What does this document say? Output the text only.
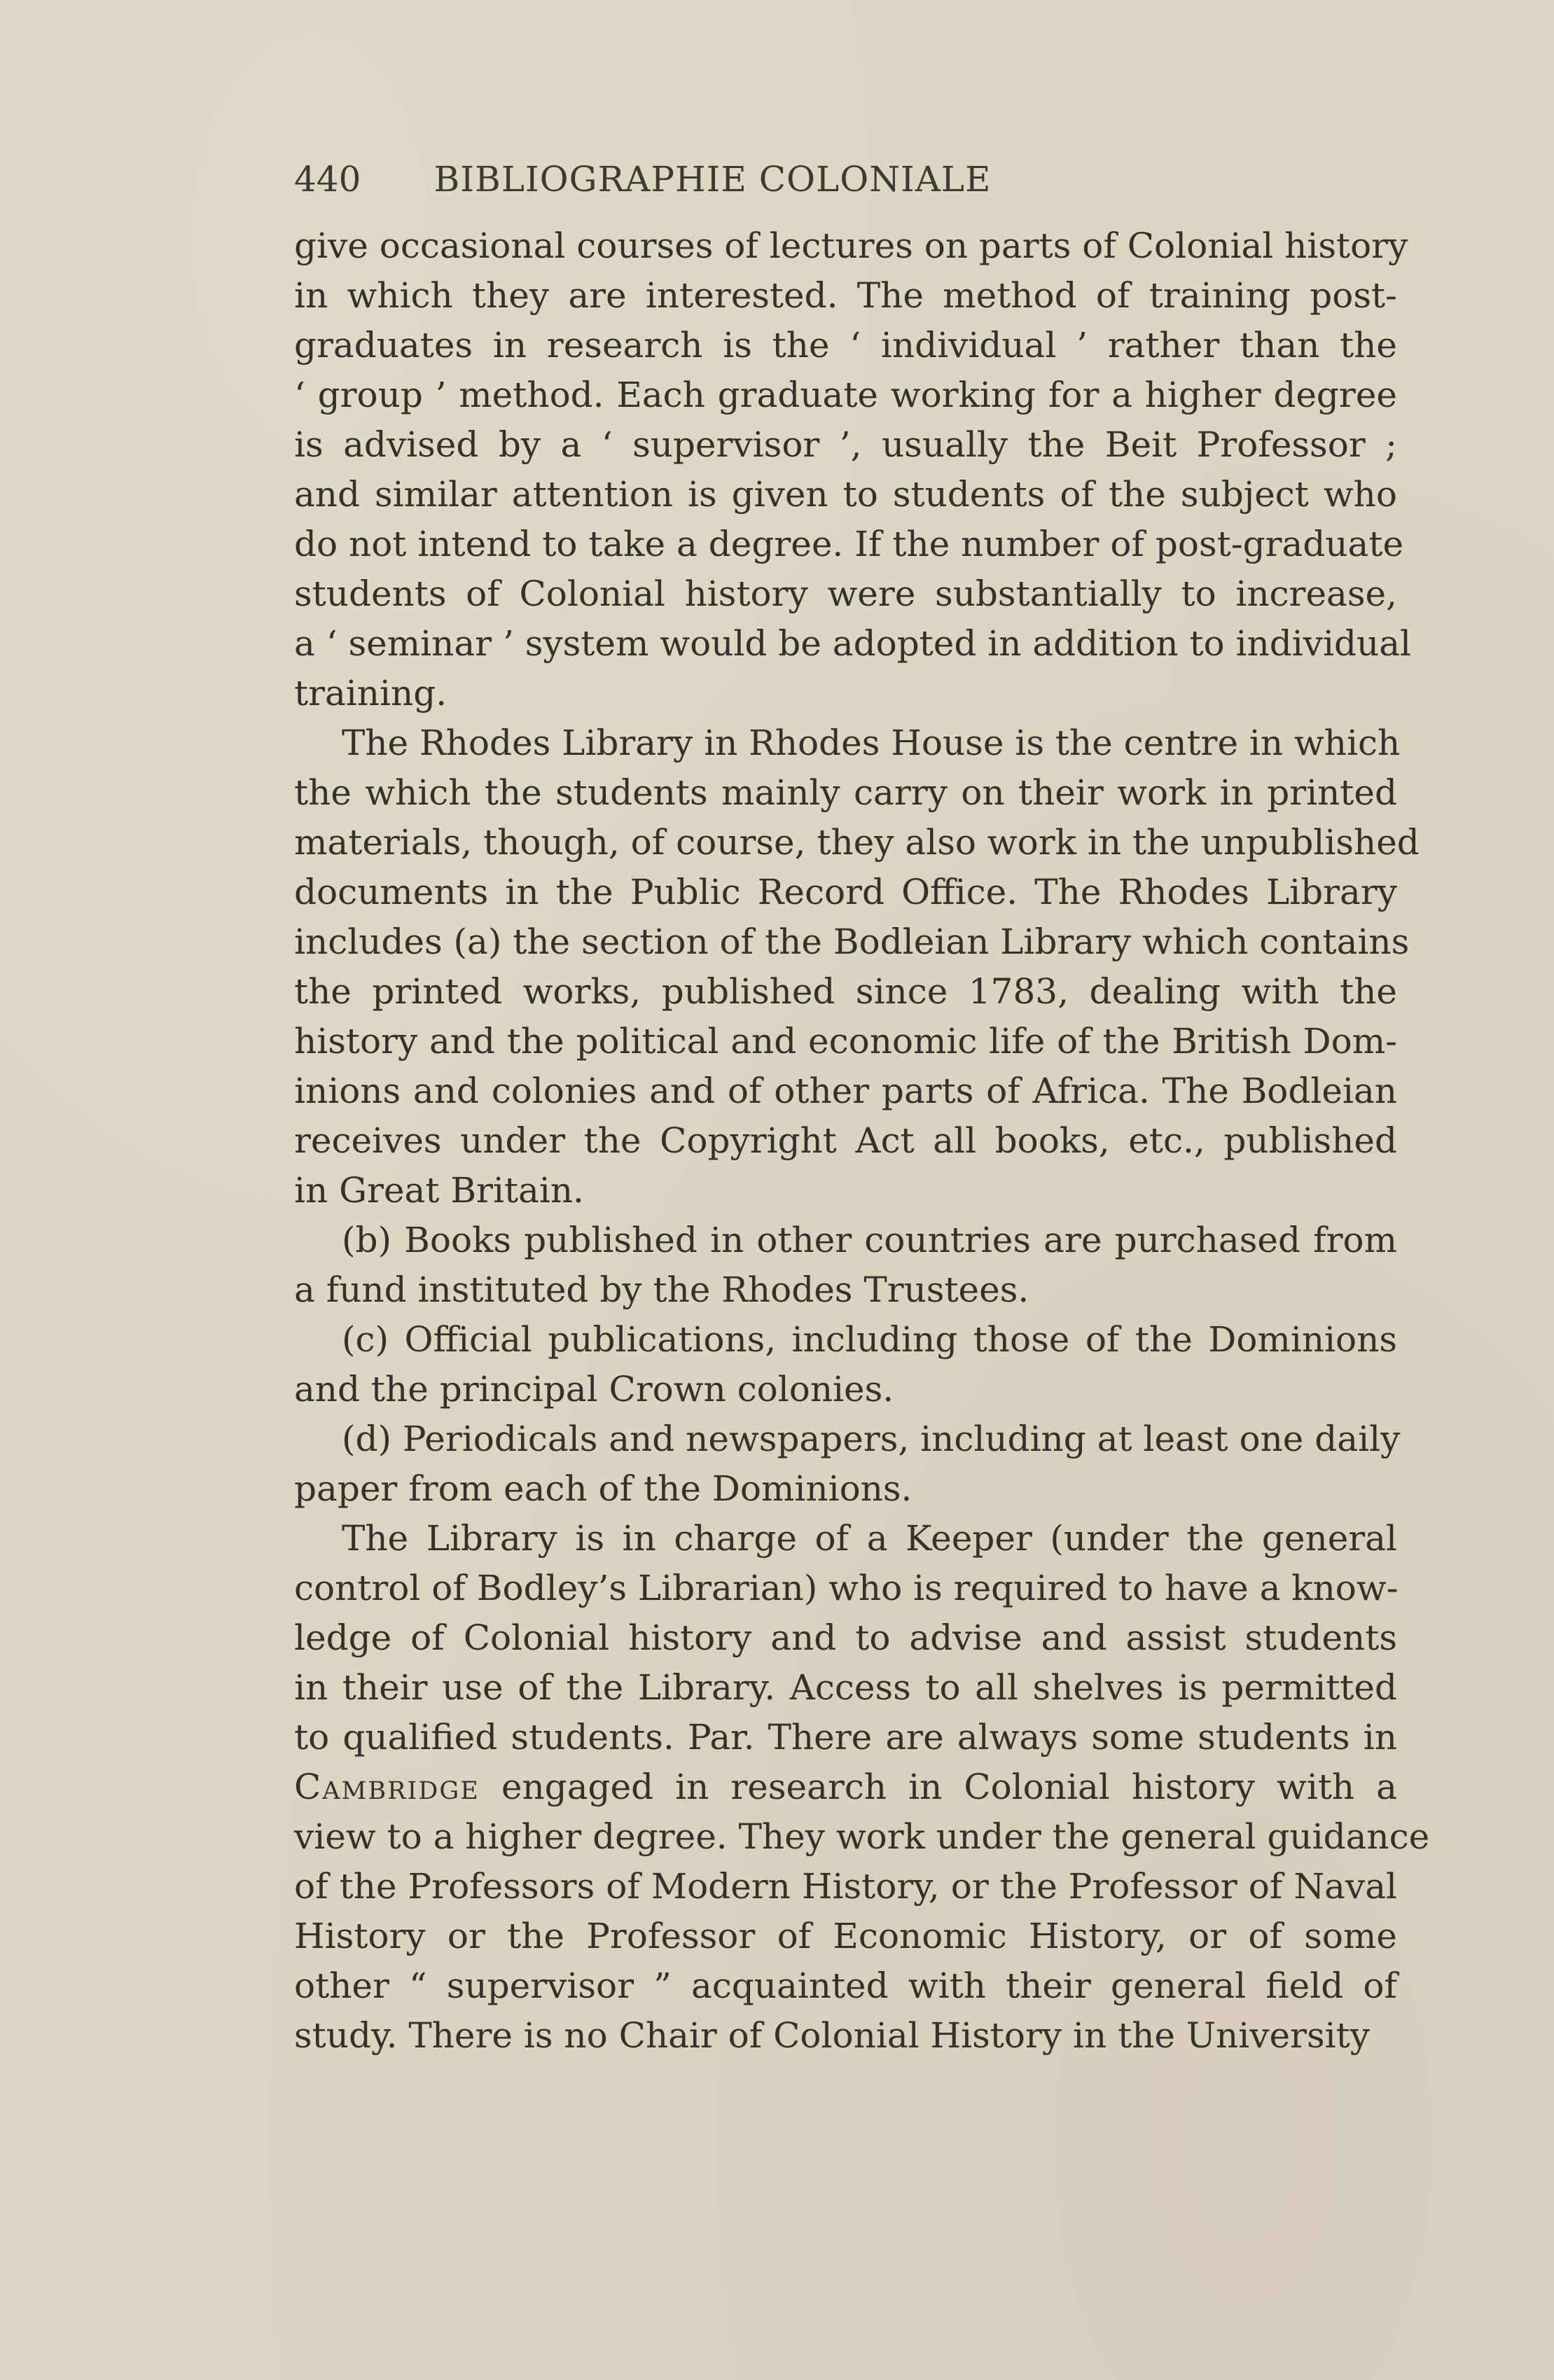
440	BIBLIOGRAPHIE COLONIALE
give occasional courses of lectures on parts of Colonial history
in which they are interested. The method of training post-
graduates in research is the ‘ individual ’ rather than the
‘ group ’ method. Each graduate working for a higher degree
is advised by a ‘ supervisor ’, usually the Beit Professor ;
and similar attention is given to students of the subject who
do not intend to take a degree. If the number of post-graduate
students of Colonial history were substantially to increase,
a ‘ seminar ’ system would be adopted in addition to individual
training.
The Rhodes Library in Rhodes House is the centre in which
the which the students mainly carry on their work in printed
materials, though, of course, they also work in the unpublished
documents in the Public Record Office. The Rhodes Library
includes (a) the section of the Bodleian Library which contains
the printed works, published since 1783, dealing with the
history and the political and economic life of the British Dom-
inions and colonies and of other parts of Africa. The Bodleian
receives under the Copyright Act all books, etc., published
in Great Britain.
(b) Books published in other countries are purchased from
a fund instituted by the Rhodes Trustees.
(c) Official publications, including those of the Dominions
and the principal Crown colonies.
(d) Periodicals and newspapers, including at least one daily
paper from each of the Dominions.
The Library is in charge of a Keeper (under the general
control of Bodley’s Librarian) who is required to have a know-
ledge of Colonial history and to advise and assist students
in their use of the Library. Access to all shelves is permitted
to qualified students. Par. There are always some students in
Cambridge engaged in research in Colonial history with a
view to a higher degree. They work under the general guidance
of the Professors of Modern History, or the Professor of Naval
History or the Professor of Economic History, or of some
other “ supervisor ” acquainted with their general field of
study. There is no Chair of Colonial History in the University
